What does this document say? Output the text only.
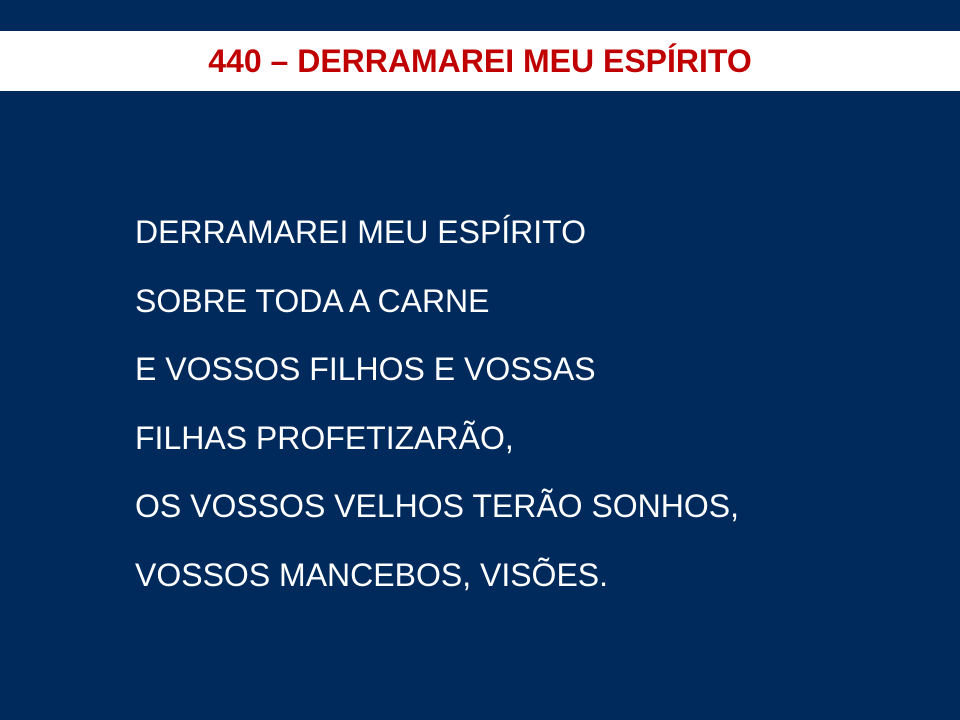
440 – DERRAMAREI MEU ESPÍRITO
DERRAMAREI MEU ESPÍRITO
SOBRE TODA A CARNE
E VOSSOS FILHOS E VOSSAS
FILHAS PROFETIZARÃO,
OS VOSSOS VELHOS TERÃO SONHOS,
VOSSOS MANCEBOS, VISÕES.
